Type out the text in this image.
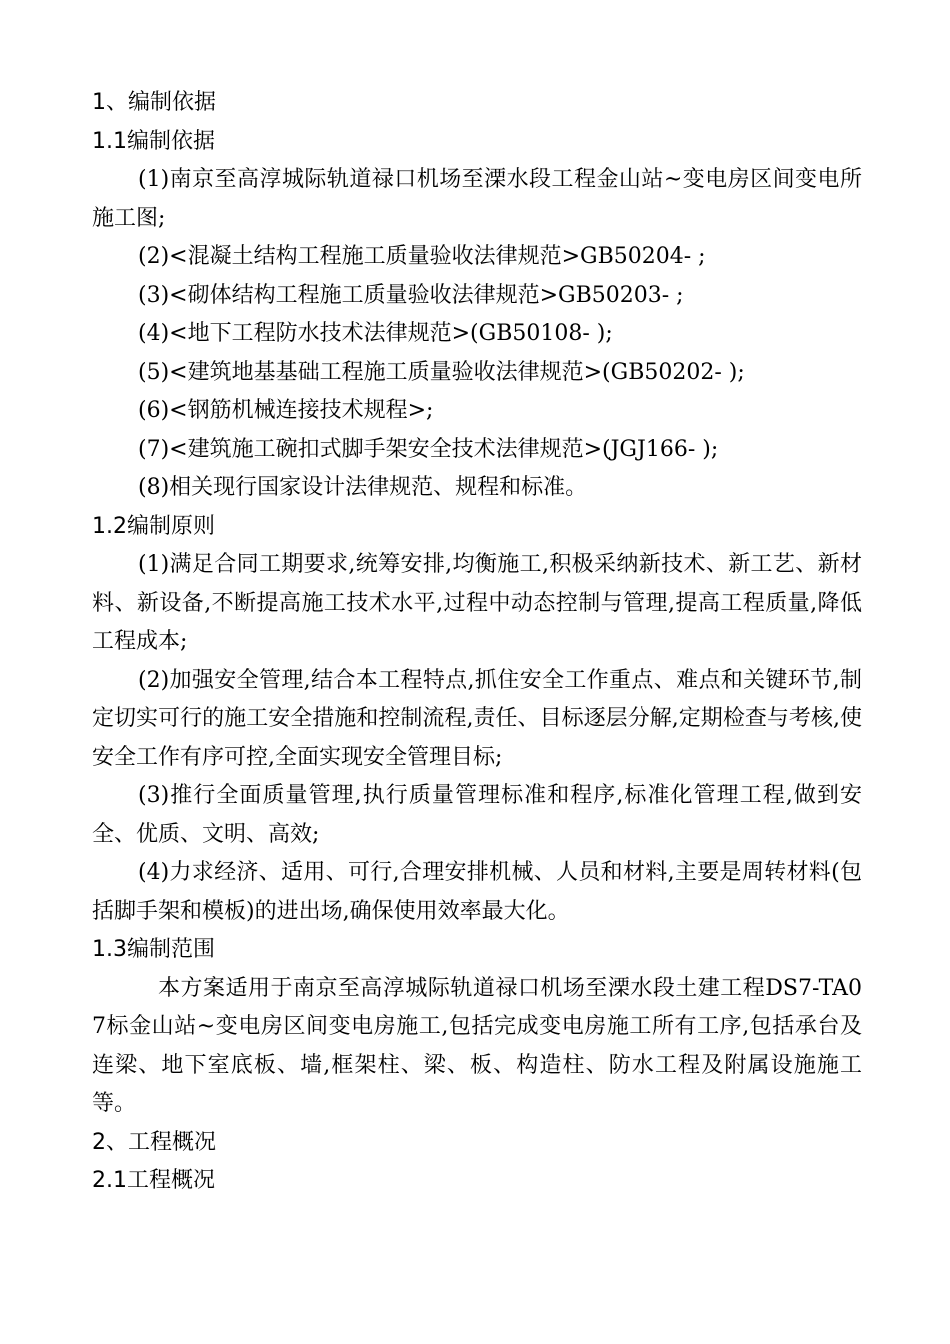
1、编制依据
1.1编制依据

(1)南京至高淳城际轨道禄口机场至溧水段工程金山站~变电房区间变电所施工图;

(2)<混凝土结构工程施工质量验收法律规范>GB50204- ;

(3)<砌体结构工程施工质量验收法律规范>GB50203- ;

(4)<地下工程防水技术法律规范>(GB50108- );

(5)<建筑地基基础工程施工质量验收法律规范>(GB50202- );

(6)<钢筋机械连接技术规程>;

(7)<建筑施工碗扣式脚手架安全技术法律规范>(JGJ166- );

(8)相关现行国家设计法律规范、规程和标准。

1.2编制原则

(1)满足合同工期要求,统筹安排,均衡施工,积极采纳新技术、新工艺、新材料、新设备,不断提高施工技术水平,过程中动态控制与管理,提高工程质量,降低工程成本;

(2)加强安全管理,结合本工程特点,抓住安全工作重点、难点和关键环节,制定切实可行的施工安全措施和控制流程,责任、目标逐层分解,定期检查与考核,使安全工作有序可控,全面实现安全管理目标;

(3)推行全面质量管理,执行质量管理标准和程序,标准化管理工程,做到安全、优质、文明、高效;

(4)力求经济、适用、可行,合理安排机械、人员和材料,主要是周转材料(包括脚手架和模板)的进出场,确保使用效率最大化。

1.3编制范围

本方案适用于南京至高淳城际轨道禄口机场至溧水段土建工程DS7-TA07标金山站~变电房区间变电房施工,包括完成变电房施工所有工序,包括承台及连梁、地下室底板、墙,框架柱、梁、板、构造柱、防水工程及附属设施施工等。

2、工程概况
2.1工程概况
